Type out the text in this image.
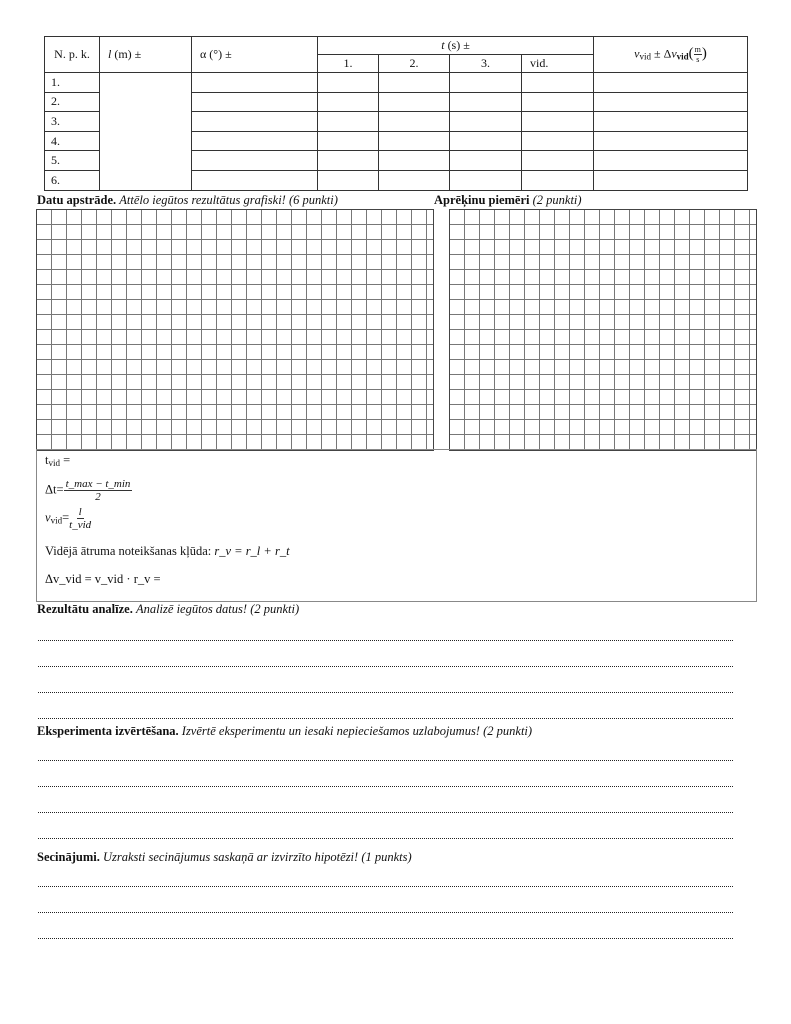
N. p. k.	l (m) ±	α (°) ±	t (s) ±				$v_{vid} \pm \Delta v_{vid}( \frac{m}{s}$ )
			1.	2.	3.	vid.	
1.							
2.							
3.							
4.							
5.							
6.							
Datu apstrāde. Attēlo iegūtos rezultātus grafiski! (6 punkti)	Aprēķinu piemēri (2 punkti)
$t_{vid}$ =
Δt= t_max − t_min
2
$v_{vid}= l$
t_vid
Vidējā ātruma noteikšanas kļūda: r_v = r_l + r_t
Δv_vid = v_vid · r_v =
Rezultātu analīze. Analizē iegūtos datus! (2 punkti)
Eksperimenta izvērtēšana. Izvērtē eksperimentu un iesaki nepieciešamos uzlabojumus! (2 punkti)
Secinājumi. Uzraksti secinājumus saskaņā ar izvirzīto hipotēzi! (1 punkts)
